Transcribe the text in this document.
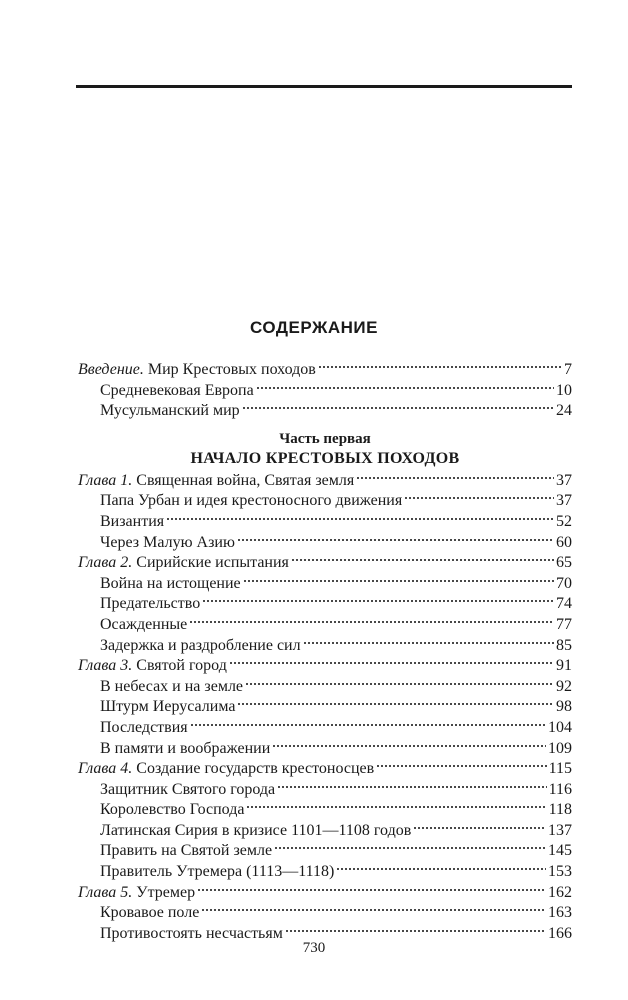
СОДЕРЖАНИЕ
Введение. Мир Крестовых походов	7
Средневековая Европа	10
Мусульманский мир	24
Часть первая
НАЧАЛО КРЕСТОВЫХ ПОХОДОВ
Глава 1. Священная война, Святая земля	37
Папа Урбан и идея крестоносного движения	37
Византия	52
Через Малую Азию	60
Глава 2. Сирийские испытания	65
Война на истощение	70
Предательство	74
Осажденные	77
Задержка и раздробление сил	85
Глава 3. Святой город	91
В небесах и на земле	92
Штурм Иерусалима	98
Последствия	104
В памяти и воображении	109
Глава 4. Создание государств крестоносцев	115
Защитник Святого города	116
Королевство Господа	118
Латинская Сирия в кризисе 1101—1108 годов	137
Править на Святой земле	145
Правитель Утремера (1113—1118)	153
Глава 5. Утремер	162
Кровавое поле	163
Противостоять несчастьям	166
730
